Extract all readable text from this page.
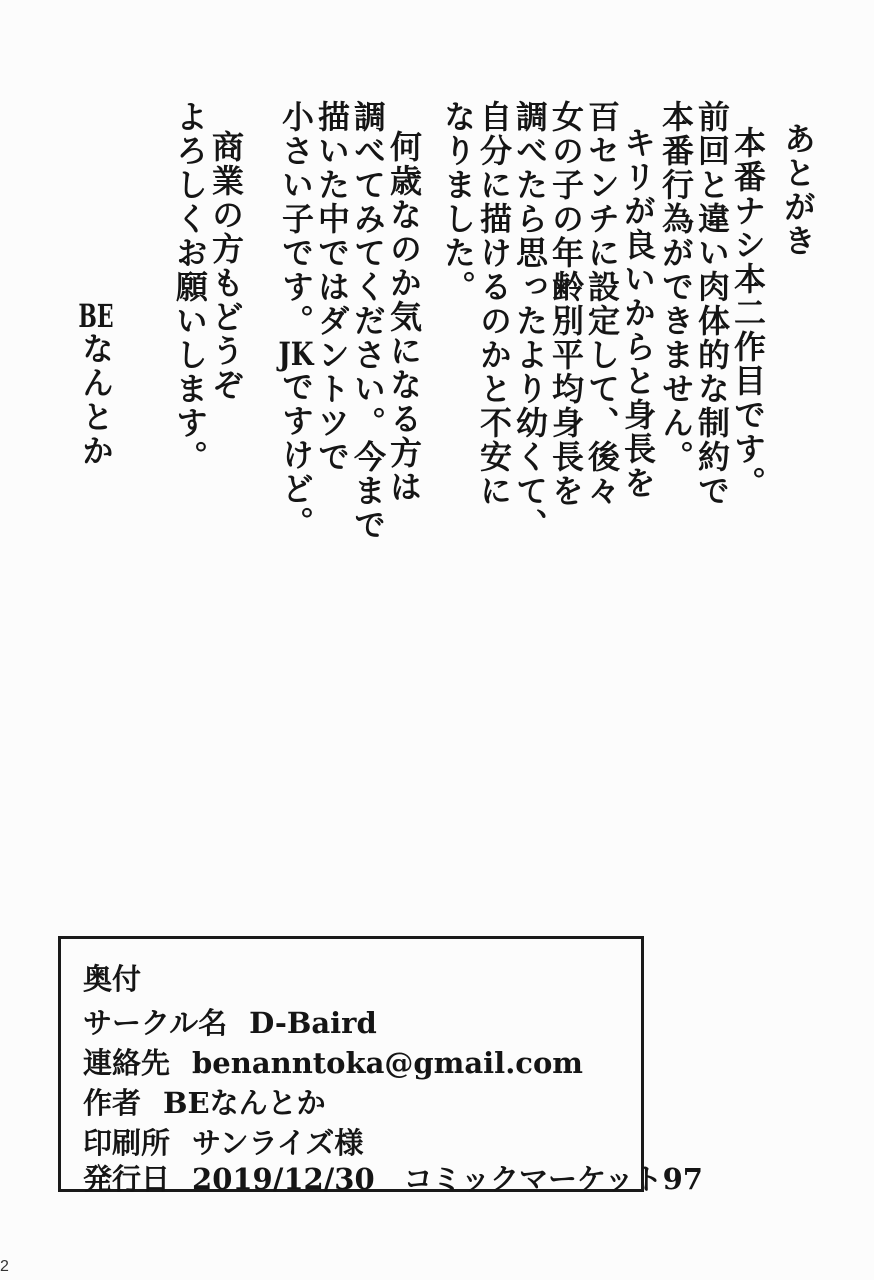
あとがき
本番ナシ本二作目です。
前回と違い肉体的な制約で
本番行為ができません。
　キリが良いからと身長を
百センチに設定して、後々
女の子の年齢別平均身長を
調べたら思ったより幼くて、
自分に描けるのかと不安に
なりました。
　何歳なのか気になる方は
調べてみてください。今まで
描いた中ではダントツで
小さい子です。JKですけど。
　商業の方もどうぞ
よろしくお願いします。
BEなんとか
奥付
サークル名 D-Baird
連絡先 benanntoka@gmail.com
作者 BEなんとか
印刷所 サンライズ様
発行日 2019/12/30　コミックマーケット97
2
